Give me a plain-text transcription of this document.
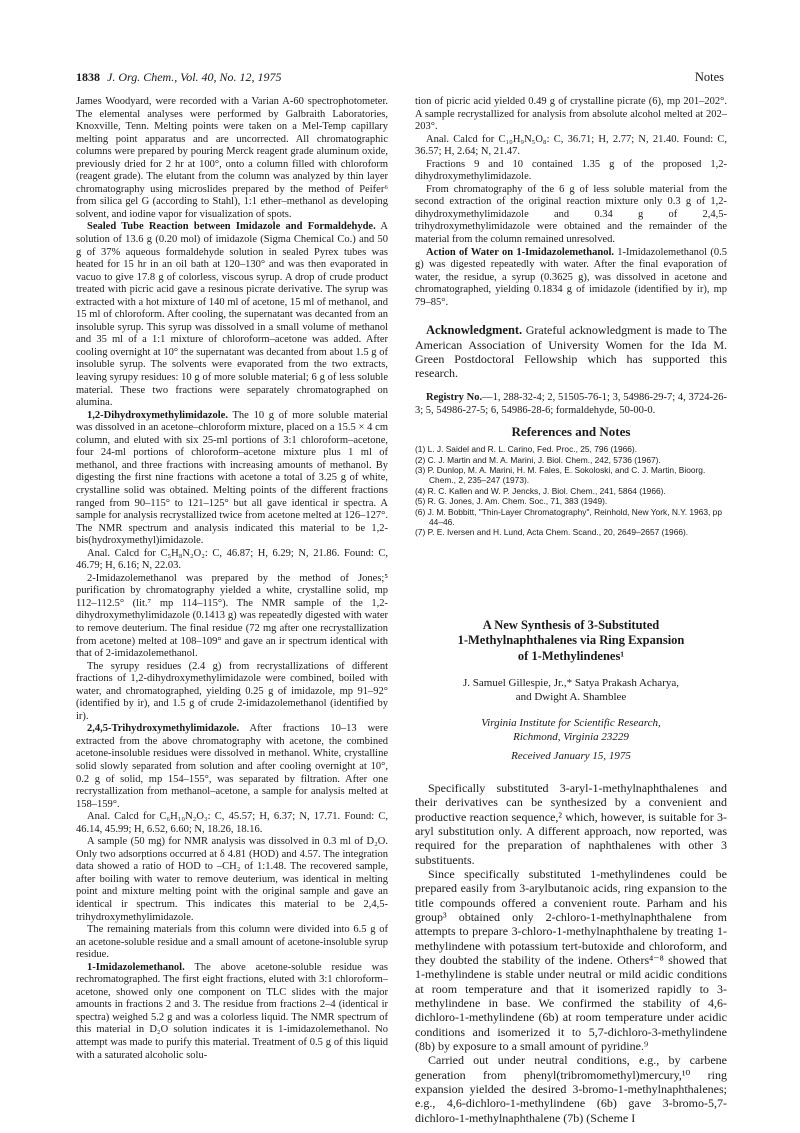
1838 J. Org. Chem., Vol. 40, No. 12, 1975	Notes

James Woodyard, were recorded with a Varian A-60 spectrophotometer. The elemental analyses were performed by Galbraith Laboratories, Knoxville, Tenn. Melting points were taken on a Mel-Temp capillary melting point apparatus and are uncorrected. All chromatographic columns were prepared by pouring Merck reagent grade aluminum oxide, previously dried for 2 hr at 100°, onto a column filled with chloroform (reagent grade). The elutant from the column was analyzed by thin layer chromatography using microslides prepared by the method of Peifer⁶ from silica gel G (according to Stahl), 1:1 ether–methanol as developing solvent, and iodine vapor for visualization of spots.

Sealed Tube Reaction between Imidazole and Formaldehyde. A solution of 13.6 g (0.20 mol) of imidazole (Sigma Chemical Co.) and 50 g of 37% aqueous formaldehyde solution in sealed Pyrex tubes was heated for 15 hr in an oil bath at 120–130° and was then evaporated in vacuo to give 17.8 g of colorless, viscous syrup. A drop of crude product treated with picric acid gave a resinous picrate derivative. The syrup was extracted with a hot mixture of 140 ml of acetone, 15 ml of methanol, and 15 ml of chloroform. After cooling, the supernatant was decanted from an insoluble syrup. This syrup was dissolved in a small volume of methanol and 35 ml of a 1:1 mixture of chloroform–acetone was added. After cooling overnight at 10° the supernatant was decanted from about 1.5 g of insoluble syrup. The solvents were evaporated from the two extracts, leaving syrupy residues: 10 g of more soluble material; 6 g of less soluble material. These two fractions were separately chromatographed on alumina.

1,2-Dihydroxymethylimidazole. The 10 g of more soluble material was dissolved in an acetone–chloroform mixture, placed on a 15.5 × 4 cm column, and eluted with six 25-ml portions of 3:1 chloroform–acetone, four 24-ml portions of chloroform–acetone mixture plus 1 ml of methanol, and three fractions with increasing amounts of methanol. By digesting the first nine fractions with acetone a total of 3.25 g of white, crystalline solid was obtained. Melting points of the different fractions ranged from 90–115° to 121–125° but all gave identical ir spectra. A sample for analysis recrystallized twice from acetone melted at 126–127°. The NMR spectrum and analysis indicated this material to be 1,2-bis(hydroxymethyl)imidazole.

Anal. Calcd for C₅H₈N₂O₂: C, 46.87; H, 6.29; N, 21.86. Found: C, 46.79; H, 6.16; N, 22.03.

2-Imidazolemethanol was prepared by the method of Jones;⁵ purification by chromatography yielded a white, crystalline solid, mp 112–112.5° (lit.⁷ mp 114–115°). The NMR sample of the 1,2-dihydroxymethylimidazole (0.1413 g) was repeatedly digested with water to remove deuterium. The final residue (72 mg after one recrystallization from acetone) melted at 108–109° and gave an ir spectrum identical with that of 2-imidazolemethanol.

The syrupy residues (2.4 g) from recrystallizations of different fractions of 1,2-dihydroxymethylimidazole were combined, boiled with water, and chromatographed, yielding 0.25 g of imidazole, mp 91–92° (identified by ir), and 1.5 g of crude 2-imidazolemethanol (identified by ir).

2,4,5-Trihydroxymethylimidazole. After fractions 10–13 were extracted from the above chromatography with acetone, the combined acetone-insoluble residues were dissolved in methanol. White, crystalline solid slowly separated from solution and after cooling overnight at 10°, 0.2 g of solid, mp 154–155°, was separated by filtration. After one recrystallization from methanol–acetone, a sample for analysis melted at 158–159°.

Anal. Calcd for C₆H₁₀N₂O₃: C, 45.57; H, 6.37; N, 17.71. Found: C, 46.14, 45.99; H, 6.52, 6.60; N, 18.26, 18.16.

A sample (50 mg) for NMR analysis was dissolved in 0.3 ml of D₂O. Only two adsorptions occurred at δ 4.81 (HOD) and 4.57. The integration data showed a ratio of HOD to –CH₂ of 1:1.48. The recovered sample, after boiling with water to remove deuterium, was identical in melting point and mixture melting point with the original sample and gave an identical ir spectrum. This indicates this material to be 2,4,5-trihydroxymethylimidazole.

The remaining materials from this column were divided into 6.5 g of an acetone-soluble residue and a small amount of acetone-insoluble syrup residue.

1-Imidazolemethanol. The above acetone-soluble residue was rechromatographed. The first eight fractions, eluted with 3:1 chloroform–acetone, showed only one component on TLC slides with the major amounts in fractions 2 and 3. The residue from fractions 2–4 (identical ir spectra) weighed 5.2 g and was a colorless liquid. The NMR spectrum of this material in D₂O solution indicates it is 1-imidazolemethanol. No attempt was made to purify this material. Treatment of 0.5 g of this liquid with a saturated alcoholic solu-

tion of picric acid yielded 0.49 g of crystalline picrate (6), mp 201–202°. A sample recrystallized for analysis from absolute alcohol melted at 202–203°.

Anal. Calcd for C₁₀H₉N₅O₈: C, 36.71; H, 2.77; N, 21.40. Found: C, 36.57; H, 2.64; N, 21.47.

Fractions 9 and 10 contained 1.35 g of the proposed 1,2-dihydroxymethylimidazole.

From chromatography of the 6 g of less soluble material from the second extraction of the original reaction mixture only 0.3 g of 1,2-dihydroxymethylimidazole and 0.34 g of 2,4,5-trihydroxymethylimidazole were obtained and the remainder of the material from the column remained unresolved.

Action of Water on 1-Imidazolemethanol. 1-Imidazolemethanol (0.5 g) was digested repeatedly with water. After the final evaporation of water, the residue, a syrup (0.3625 g), was dissolved in acetone and chromatographed, yielding 0.1834 g of imidazole (identified by ir), mp 79–85°.

Acknowledgment. Grateful acknowledgment is made to The American Association of University Women for the Ida M. Green Postdoctoral Fellowship which has supported this research.

Registry No.—1, 288-32-4; 2, 51505-76-1; 3, 54986-29-7; 4, 3724-26-3; 5, 54986-27-5; 6, 54986-28-6; formaldehyde, 50-00-0.

References and Notes
(1) L. J. Saidel and R. L. Carino, Fed. Proc., 25, 796 (1966).
(2) C. J. Martin and M. A. Marini, J. Biol. Chem., 242, 5736 (1967).
(3) P. Dunlop, M. A. Marini, H. M. Fales, E. Sokoloski, and C. J. Martin, Bioorg. Chem., 2, 235–247 (1973).
(4) R. C. Kallen and W. P. Jencks, J. Biol. Chem., 241, 5864 (1966).
(5) R. G. Jones, J. Am. Chem. Soc., 71, 383 (1949).
(6) J. M. Bobbitt, "Thin-Layer Chromatography", Reinhold, New York, N.Y. 1963, pp 44–46.
(7) P. E. Iversen and H. Lund, Acta Chem. Scand., 20, 2649–2657 (1966).
A New Synthesis of 3-Substituted
1-Methylnaphthalenes via Ring Expansion
of 1-Methylindenes¹
J. Samuel Gillespie, Jr.,* Satya Prakash Acharya,
and Dwight A. Shamblee
Virginia Institute for Scientific Research,
Richmond, Virginia 23229
Received January 15, 1975

Specifically substituted 3-aryl-1-methylnaphthalenes and their derivatives can be synthesized by a convenient and productive reaction sequence,² which, however, is suitable for 3-aryl substitution only. A different approach, now reported, was required for the preparation of naphthalenes with other 3 substituents.

Since specifically substituted 1-methylindenes could be prepared easily from 3-arylbutanoic acids, ring expansion to the title compounds offered a convenient route. Parham and his group³ obtained only 2-chloro-1-methylnaphthalene from attempts to prepare 3-chloro-1-methylnaphthalene by treating 1-methylindene with potassium tert-butoxide and chloroform, and they doubted the stability of the indene. Others⁴⁻⁸ showed that 1-methylindene is stable under neutral or mild acidic conditions at room temperature and that it isomerized rapidly to 3-methylindene in base. We confirmed the stability of 4,6-dichloro-1-methylindene (6b) at room temperature under acidic conditions and isomerized it to 5,7-dichloro-3-methylindene (8b) by exposure to a small amount of pyridine.⁹

Carried out under neutral conditions, e.g., by carbene generation from phenyl(tribromomethyl)mercury,¹⁰ ring expansion yielded the desired 3-bromo-1-methylnaphthalenes; e.g., 4,6-dichloro-1-methylindene (6b) gave 3-bromo-5,7-dichloro-1-methylnaphthalene (7b) (Scheme I
